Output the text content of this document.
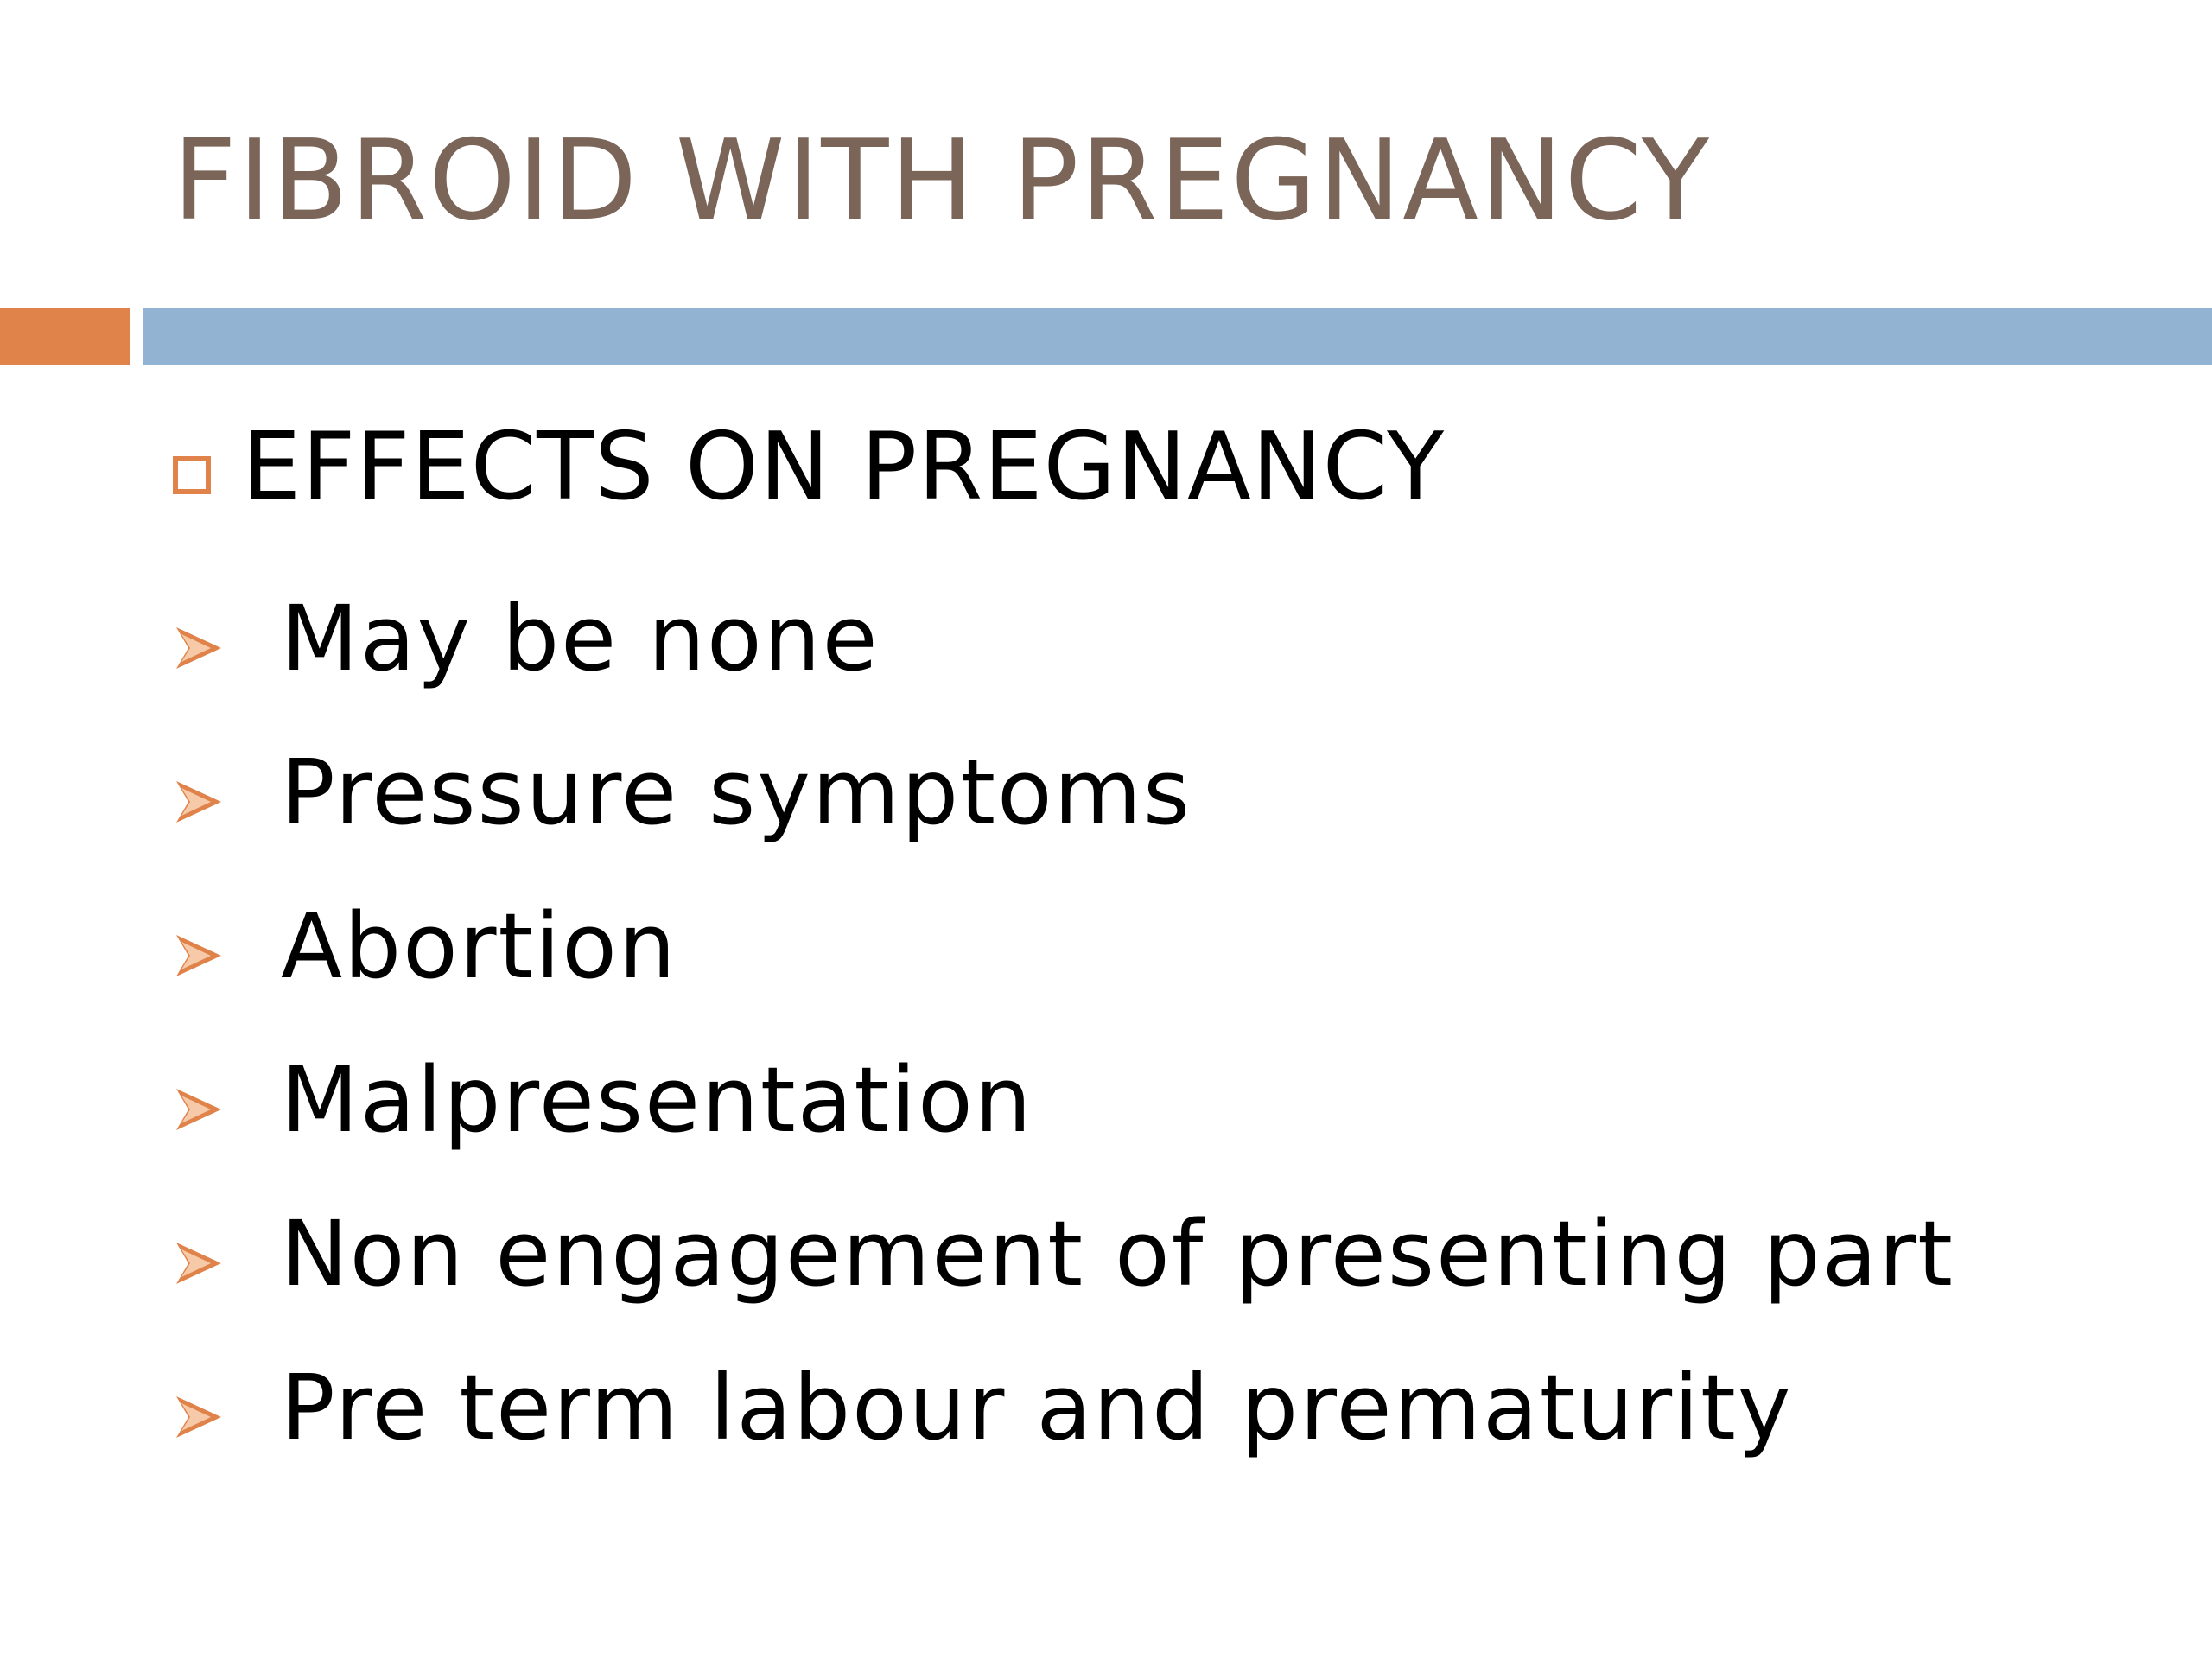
FIBROID WITH PREGNANCY
EFFECTS ON PREGNANCY
May be none
Pressure symptoms
Abortion
Malpresentation
Non engagement of presenting part
Pre term labour and prematurity
